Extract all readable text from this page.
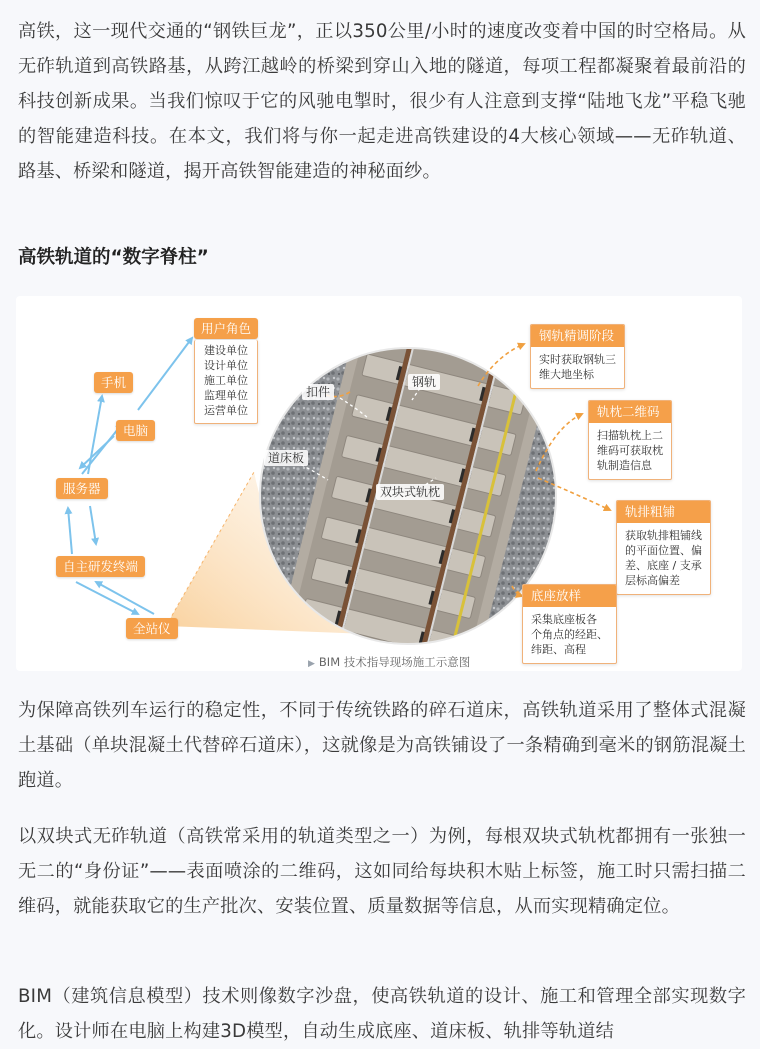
高铁，这一现代交通的“钢铁巨龙”，正以350公里/小时的速度改变着中国的时空格局。从无砟轨道到高铁路基，从跨江越岭的桥梁到穿山入地的隧道，每项工程都凝聚着最前沿的科技创新成果。当我们惊叹于它的风驰电掣时，很少有人注意到支撑“陆地飞龙”平稳飞驰的智能建造科技。在本文，我们将与你一起走进高铁建设的4大核心领域——无砟轨道、路基、桥梁和隧道，揭开高铁智能建造的神秘面纱。

高铁轨道的“数字脊柱”
用户角色
建设单位
设计单位
施工单位
监理单位
运营单位
手机
电脑
服务器
自主研发终端
全站仪
扣件
钢轨
道床板
双块式轨枕
钢轨精调阶段
实时获取钢轨三
维大地坐标
轨枕二维码
扫描轨枕上二
维码可获取枕
轨制造信息
轨排粗铺
获取轨排粗铺线
的平面位置、偏
差、底座 / 支承
层标高偏差
底座放样
采集底座板各
个角点的经距、
纬距、高程
▶ BIM 技术指导现场施工示意图

为保障高铁列车运行的稳定性，不同于传统铁路的碎石道床，高铁轨道采用了整体式混凝土基础（单块混凝土代替碎石道床），这就像是为高铁铺设了一条精确到毫米的钢筋混凝土跑道。

以双块式无砟轨道（高铁常采用的轨道类型之一）为例，每根双块式轨枕都拥有一张独一无二的“身份证”——表面喷涂的二维码，这如同给每块积木贴上标签，施工时只需扫描二维码，就能获取它的生产批次、安装位置、质量数据等信息，从而实现精确定位。

BIM（建筑信息模型）技术则像数字沙盘，使高铁轨道的设计、施工和管理全部实现数字化。设计师在电脑上构建3D模型，自动生成底座、道床板、轨排等轨道结
